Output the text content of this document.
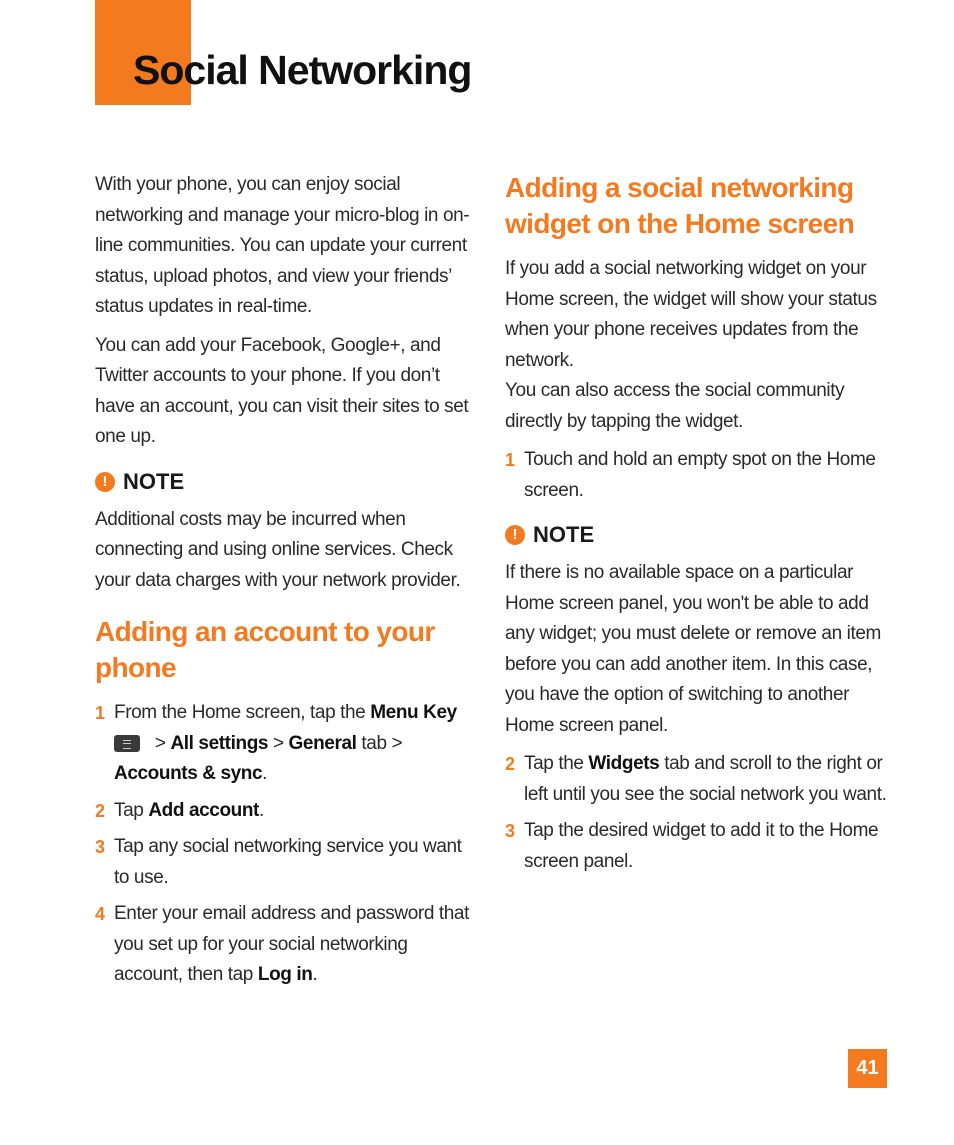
Social Networking

With your phone, you can enjoy social networking and manage your micro-blog in on-line communities. You can update your current status, upload photos, and view your friends’ status updates in real-time.

You can add your Facebook, Google+, and Twitter accounts to your phone. If you don’t have an account, you can visit their sites to set one up.

! NOTE

Additional costs may be incurred when connecting and using online services. Check your data charges with your network provider.

Adding an account to your phone
1 From the Home screen, tap the Menu Key
> All settings > General tab >
Accounts & sync.
2 Tap Add account.
3 Tap any social networking service you want to use.
4 Enter your email address and password that you set up for your social networking account, then tap Log in.
Adding a social networking widget on the Home screen

If you add a social networking widget on your Home screen, the widget will show your status when your phone receives updates from the network.

You can also access the social community directly by tapping the widget.

1 Touch and hold an empty spot on the Home screen.
! NOTE

If there is no available space on a particular Home screen panel, you won't be able to add any widget; you must delete or remove an item before you can add another item. In this case, you have the option of switching to another Home screen panel.

2 Tap the Widgets tab and scroll to the right or left until you see the social network you want.
3 Tap the desired widget to add it to the Home screen panel.
41
